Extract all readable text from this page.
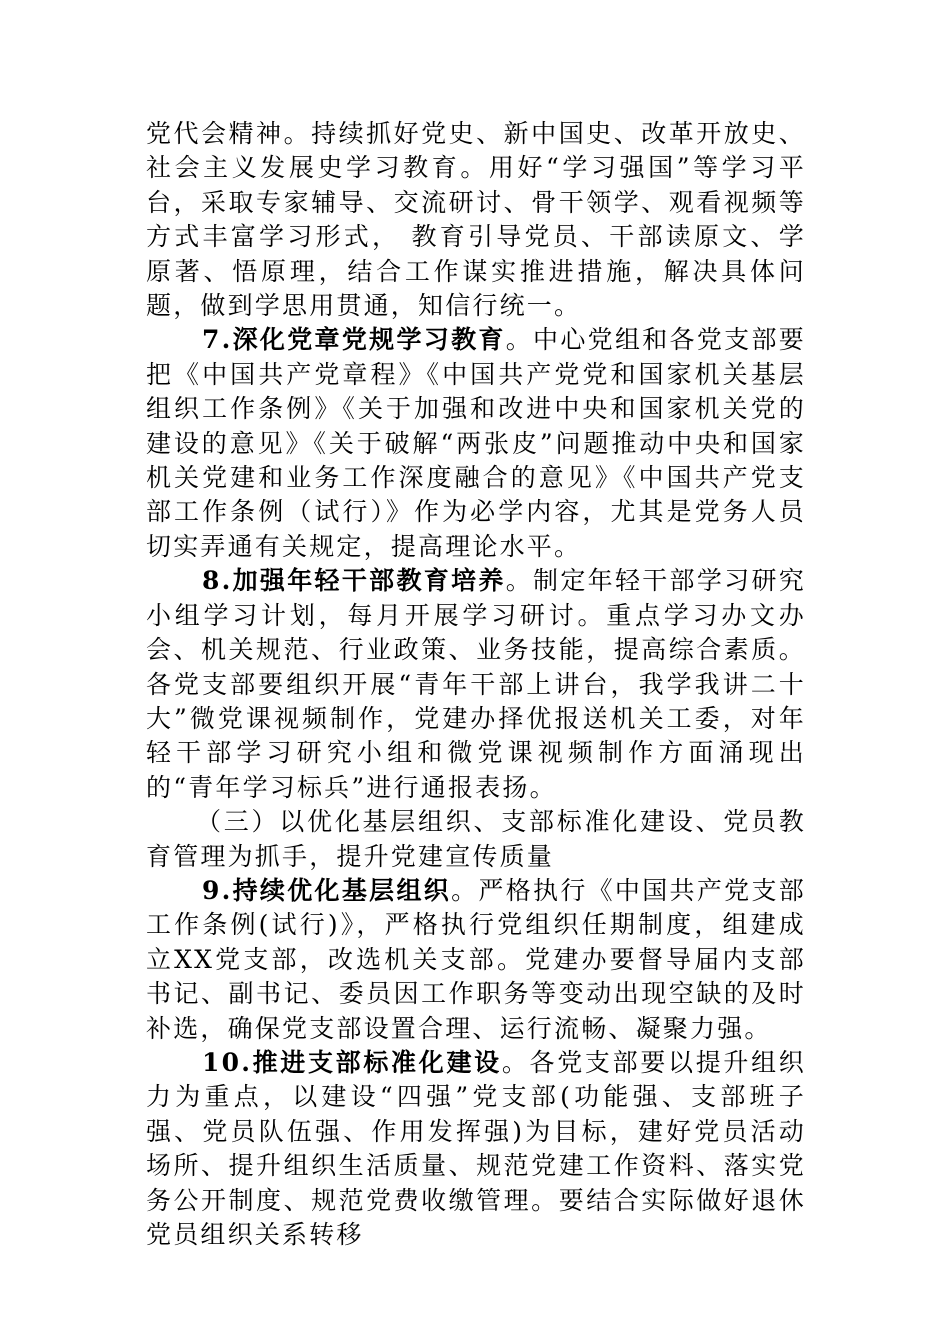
党代会精神。持续抓好党史、新中国史、改革开放史、社会主义发展史学习教育。用好“学习强国”等学习平台，采取专家辅导、交流研讨、骨干领学、观看视频等方式丰富学习形式， 教育引导党员、干部读原文、学原著、悟原理，结合工作谋实推进措施，解决具体问题，做到学思用贯通，知信行统一。

7.深化党章党规学习教育。中心党组和各党支部要把《中国共产党章程》《中国共产党党和国家机关基层组织工作条例》《关于加强和改进中央和国家机关党的建设的意见》《关于破解“两张皮”问题推动中央和国家机关党建和业务工作深度融合的意见》《中国共产党支部工作条例（试行）》作为必学内容，尤其是党务人员切实弄通有关规定，提高理论水平。

8.加强年轻干部教育培养。制定年轻干部学习研究小组学习计划，每月开展学习研讨。重点学习办文办会、机关规范、行业政策、业务技能，提高综合素质。各党支部要组织开展“青年干部上讲台，我学我讲二十大”微党课视频制作，党建办择优报送机关工委，对年轻干部学习研究小组和微党课视频制作方面涌现出的“青年学习标兵”进行通报表扬。

（三）以优化基层组织、支部标准化建设、党员教育管理为抓手，提升党建宣传质量

9.持续优化基层组织。严格执行《中国共产党支部工作条例(试行)》，严格执行党组织任期制度，组建成立XX党支部，改选机关支部。党建办要督导届内支部书记、副书记、委员因工作职务等变动出现空缺的及时补选，确保党支部设置合理、运行流畅、凝聚力强。

10.推进支部标准化建设。各党支部要以提升组织力为重点，以建设“四强”党支部(功能强、支部班子强、党员队伍强、作用发挥强)为目标，建好党员活动场所、提升组织生活质量、规范党建工作资料、落实党务公开制度、规范党费收缴管理。要结合实际做好退休党员组织关系转移
